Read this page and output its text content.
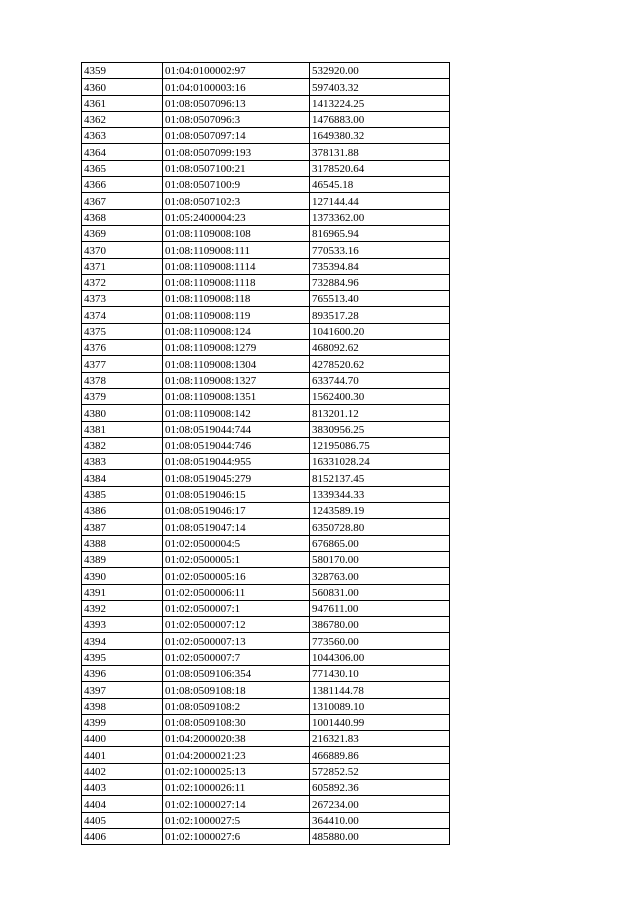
4359	01:04:0100002:97	532920.00
4360	01:04:0100003:16	597403.32
4361	01:08:0507096:13	1413224.25
4362	01:08:0507096:3	1476883.00
4363	01:08:0507097:14	1649380.32
4364	01:08:0507099:193	378131.88
4365	01:08:0507100:21	3178520.64
4366	01:08:0507100:9	46545.18
4367	01:08:0507102:3	127144.44
4368	01:05:2400004:23	1373362.00
4369	01:08:1109008:108	816965.94
4370	01:08:1109008:111	770533.16
4371	01:08:1109008:1114	735394.84
4372	01:08:1109008:1118	732884.96
4373	01:08:1109008:118	765513.40
4374	01:08:1109008:119	893517.28
4375	01:08:1109008:124	1041600.20
4376	01:08:1109008:1279	468092.62
4377	01:08:1109008:1304	4278520.62
4378	01:08:1109008:1327	633744.70
4379	01:08:1109008:1351	1562400.30
4380	01:08:1109008:142	813201.12
4381	01:08:0519044:744	3830956.25
4382	01:08:0519044:746	12195086.75
4383	01:08:0519044:955	16331028.24
4384	01:08:0519045:279	8152137.45
4385	01:08:0519046:15	1339344.33
4386	01:08:0519046:17	1243589.19
4387	01:08:0519047:14	6350728.80
4388	01:02:0500004:5	676865.00
4389	01:02:0500005:1	580170.00
4390	01:02:0500005:16	328763.00
4391	01:02:0500006:11	560831.00
4392	01:02:0500007:1	947611.00
4393	01:02:0500007:12	386780.00
4394	01:02:0500007:13	773560.00
4395	01:02:0500007:7	1044306.00
4396	01:08:0509106:354	771430.10
4397	01:08:0509108:18	1381144.78
4398	01:08:0509108:2	1310089.10
4399	01:08:0509108:30	1001440.99
4400	01:04:2000020:38	216321.83
4401	01:04:2000021:23	466889.86
4402	01:02:1000025:13	572852.52
4403	01:02:1000026:11	605892.36
4404	01:02:1000027:14	267234.00
4405	01:02:1000027:5	364410.00
4406	01:02:1000027:6	485880.00
